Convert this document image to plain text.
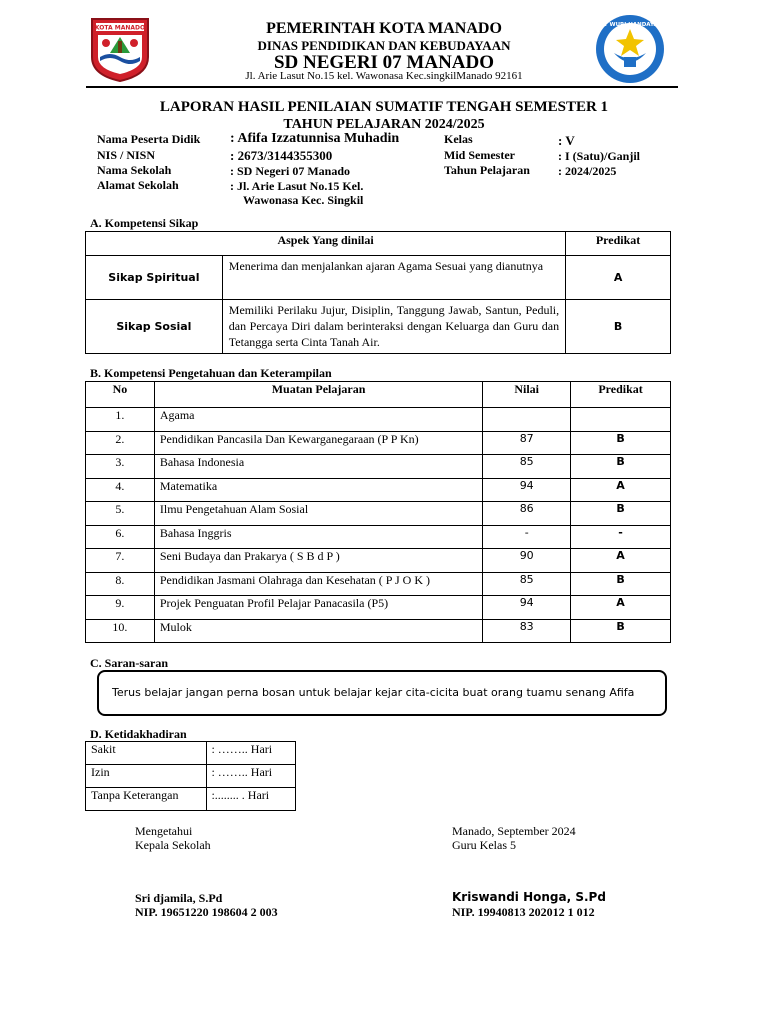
KOTA MANADO	TUT WURI HANDAYANI
PEMERINTAH KOTA MANADO
DINAS PENDIDIKAN DAN KEBUDAYAAN
SD NEGERI 07 MANADO
Jl. Arie Lasut No.15 kel. Wawonasa Kec.singkilManado 92161
LAPORAN HASIL PENILAIAN SUMATIF TENGAH SEMESTER 1
TAHUN PELAJARAN 2024/2025
Nama Peserta Didik : Afifa Izzatunnisa Muhadin
NIS / NISN	: 2673/3144355300
Nama Sekolah	: SD Negeri 07 Manado
Alamat Sekolah	: Jl. Arie Lasut No.15 Kel.
Wawonasa Kec. Singkil
Kelas	: V
Mid Semester	: I (Satu)/Ganjil
Tahun Pelajaran : 2024/2025
A. Kompetensi Sikap
Aspek Yang dinilai		Predikat
Sikap Spiritual	Menerima dan menjalankan ajaran Agama Sesuai yang dianutnya	A
Sikap Sosial	Memiliki Perilaku Jujur, Disiplin, Tanggung Jawab, Santun, Peduli, dan Percaya Diri dalam berinteraksi dengan Keluarga dan Guru dan Tetangga serta Cinta Tanah Air.	B
B. Kompetensi Pengetahuan dan Keterampilan
No	Muatan Pelajaran	Nilai	Predikat
1.	Agama		
2.	Pendidikan Pancasila Dan Kewarganegaraan (P P Kn)	87	B
3.	Bahasa Indonesia	85	B
4.	Matematika	94	A
5.	Ilmu Pengetahuan Alam Sosial	86	B
6.	Bahasa Inggris	-	-
7.	Seni Budaya dan Prakarya ( S B d P )	90	A
8.	Pendidikan Jasmani Olahraga dan Kesehatan ( P J O K )	85	B
9.	Projek Penguatan Profil Pelajar Panacasila (P5)	94	A
10.	Mulok	83	B
C. Saran-saran
Terus belajar jangan perna bosan untuk belajar kejar cita-cicita buat orang tuamu senang Afifa
D. Ketidakhadiran
Sakit	: …….. Hari
Izin	: …….. Hari
Tanpa Keterangan	:........ . Hari
Mengetahui
Kepala Sekolah
Sri djamila, S.Pd
NIP. 19651220 198604 2 003
Manado, September 2024
Guru Kelas 5
Kriswandi Honga, S.Pd
NIP. 19940813 202012 1 012
